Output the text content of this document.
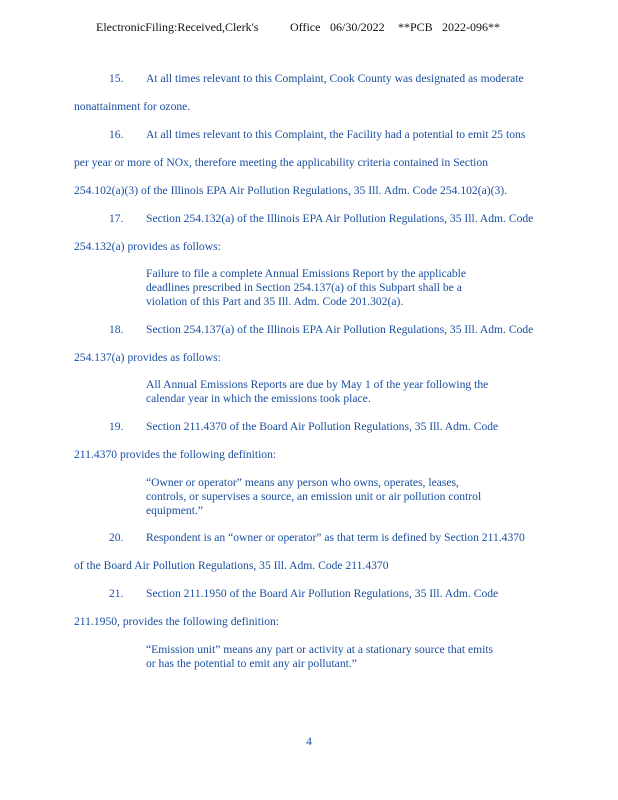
ElectronicFiling:Received,Clerk's	Office 06/30/2022 **PCB 2022-096**
15. At all times relevant to this Complaint, Cook County was designated as moderate
nonattainment for ozone.
16. At all times relevant to this Complaint, the Facility had a potential to emit 25 tons
per year or more of NOx, therefore meeting the applicability criteria contained in Section
254.102(a)(3) of the Illinois EPA Air Pollution Regulations, 35 Ill. Adm. Code 254.102(a)(3).
17. Section 254.132(a) of the Illinois EPA Air Pollution Regulations, 35 Ill. Adm. Code
254.132(a) provides as follows:
Failure to file a complete Annual Emissions Report by the applicable
deadlines prescribed in Section 254.137(a) of this Subpart shall be a
violation of this Part and 35 Ill. Adm. Code 201.302(a).
18. Section 254.137(a) of the Illinois EPA Air Pollution Regulations, 35 Ill. Adm. Code
254.137(a) provides as follows:
All Annual Emissions Reports are due by May 1 of the year following the
calendar year in which the emissions took place.
19. Section 211.4370 of the Board Air Pollution Regulations, 35 Ill. Adm. Code
211.4370 provides the following definition:
“Owner or operator” means any person who owns, operates, leases,
controls, or supervises a source, an emission unit or air pollution control
equipment.”
20. Respondent is an “owner or operator” as that term is defined by Section 211.4370
of the Board Air Pollution Regulations, 35 Ill. Adm. Code 211.4370
21. Section 211.1950 of the Board Air Pollution Regulations, 35 Ill. Adm. Code
211.1950, provides the following definition:
“Emission unit” means any part or activity at a stationary source that emits
or has the potential to emit any air pollutant.”
4
